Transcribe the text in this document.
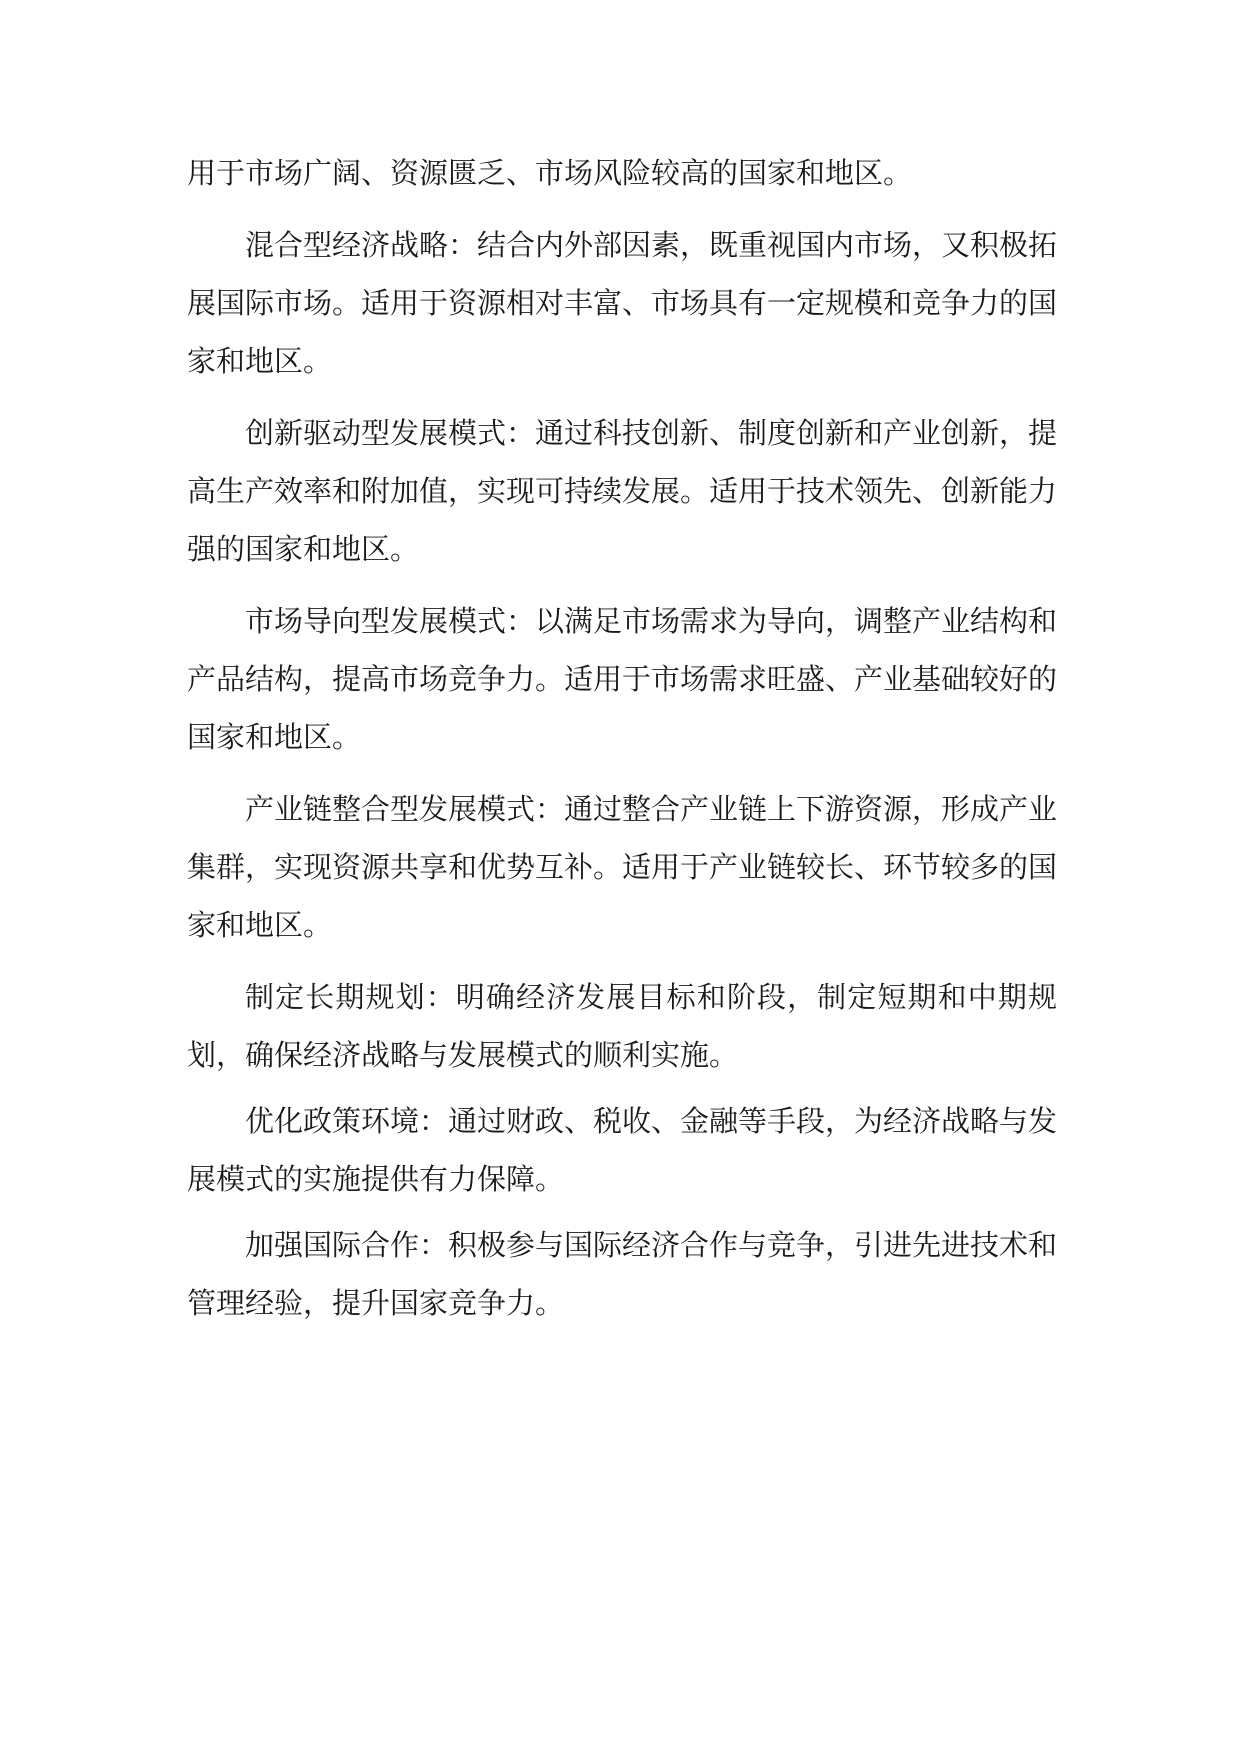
用于市场广阔、资源匮乏、市场风险较高的国家和地区。

混合型经济战略：结合内外部因素，既重视国内市场，又积极拓展国际市场。适用于资源相对丰富、市场具有一定规模和竞争力的国家和地区。

创新驱动型发展模式：通过科技创新、制度创新和产业创新，提高生产效率和附加值，实现可持续发展。适用于技术领先、创新能力强的国家和地区。

市场导向型发展模式：以满足市场需求为导向，调整产业结构和产品结构，提高市场竞争力。适用于市场需求旺盛、产业基础较好的国家和地区。

产业链整合型发展模式：通过整合产业链上下游资源，形成产业集群，实现资源共享和优势互补。适用于产业链较长、环节较多的国家和地区。

制定长期规划：明确经济发展目标和阶段，制定短期和中期规划，确保经济战略与发展模式的顺利实施。

优化政策环境：通过财政、税收、金融等手段，为经济战略与发展模式的实施提供有力保障。

加强国际合作：积极参与国际经济合作与竞争，引进先进技术和管理经验，提升国家竞争力。
